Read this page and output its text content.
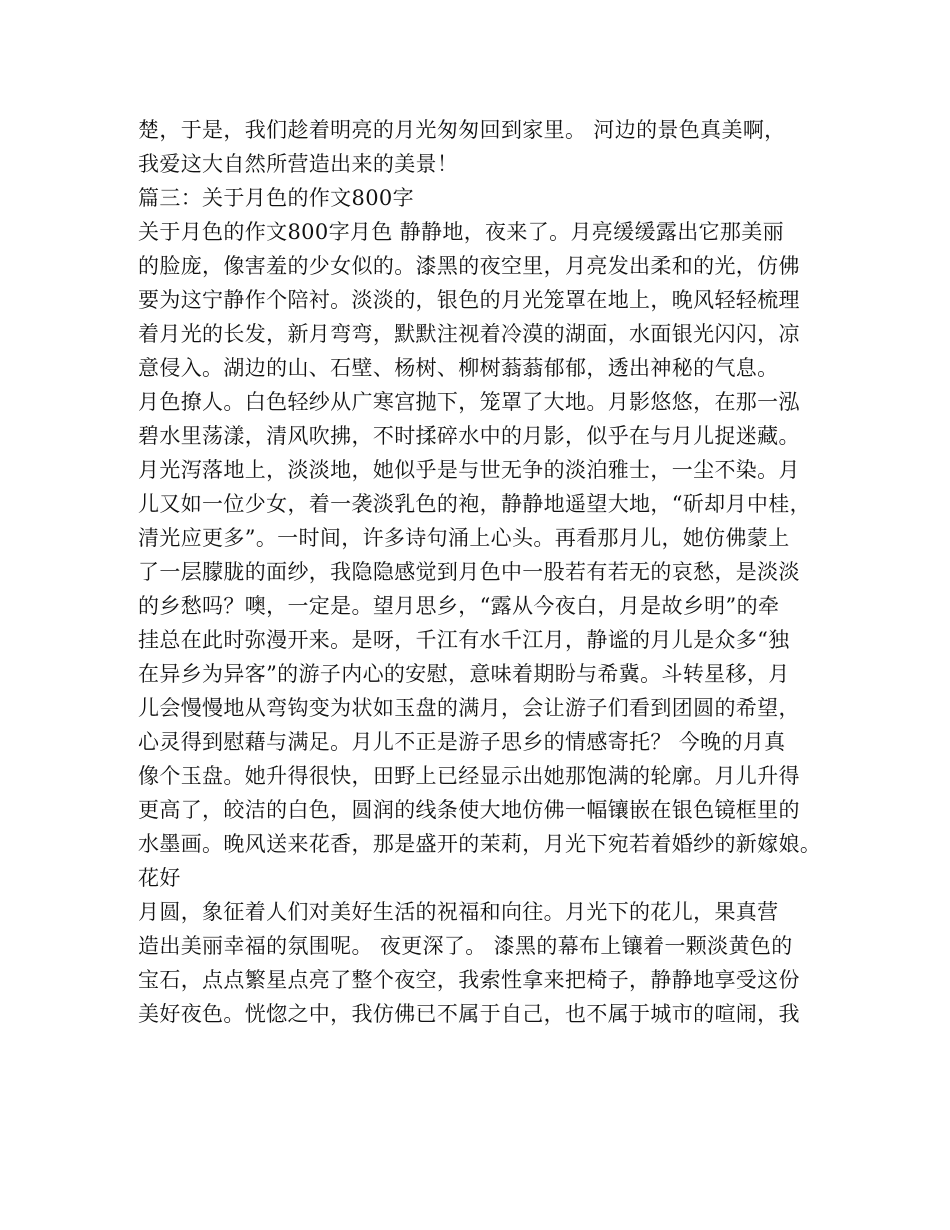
楚，于是，我们趁着明亮的月光匆匆回到家里。 河边的景色真美啊，
我爱这大自然所营造出来的美景！
篇三：关于月色的作文800字
关于月色的作文800字月色 静静地，夜来了。月亮缓缓露出它那美丽
的脸庞，像害羞的少女似的。漆黑的夜空里，月亮发出柔和的光，仿佛
要为这宁静作个陪衬。淡淡的，银色的月光笼罩在地上，晚风轻轻梳理
着月光的长发，新月弯弯，默默注视着冷漠的湖面，水面银光闪闪，凉
意侵入。湖边的山、石壁、杨树、柳树蓊蓊郁郁，透出神秘的气息。
月色撩人。白色轻纱从广寒宫抛下，笼罩了大地。月影悠悠，在那一泓
碧水里荡漾，清风吹拂，不时揉碎水中的月影，似乎在与月儿捉迷藏。
月光泻落地上，淡淡地，她似乎是与世无争的淡泊雅士，一尘不染。月
儿又如一位少女，着一袭淡乳色的袍，静静地遥望大地，“斫却月中桂，
清光应更多”。一时间，许多诗句涌上心头。再看那月儿，她仿佛蒙上
了一层朦胧的面纱，我隐隐感觉到月色中一股若有若无的哀愁，是淡淡
的乡愁吗？噢，一定是。望月思乡，“露从今夜白，月是故乡明”的牵
挂总在此时弥漫开来。是呀，千江有水千江月，静谧的月儿是众多“独
在异乡为异客”的游子内心的安慰，意味着期盼与希冀。斗转星移，月
儿会慢慢地从弯钩变为状如玉盘的满月，会让游子们看到团圆的希望，
心灵得到慰藉与满足。月儿不正是游子思乡的情感寄托？ 今晚的月真
像个玉盘。她升得很快，田野上已经显示出她那饱满的轮廓。月儿升得
更高了，皎洁的白色，圆润的线条使大地仿佛一幅镶嵌在银色镜框里的
水墨画。晚风送来花香，那是盛开的茉莉，月光下宛若着婚纱的新嫁娘。
花好
月圆，象征着人们对美好生活的祝福和向往。月光下的花儿，果真营
造出美丽幸福的氛围呢。 夜更深了。 漆黑的幕布上镶着一颗淡黄色的
宝石，点点繁星点亮了整个夜空，我索性拿来把椅子，静静地享受这份
美好夜色。恍惚之中，我仿佛已不属于自己，也不属于城市的喧闹，我
